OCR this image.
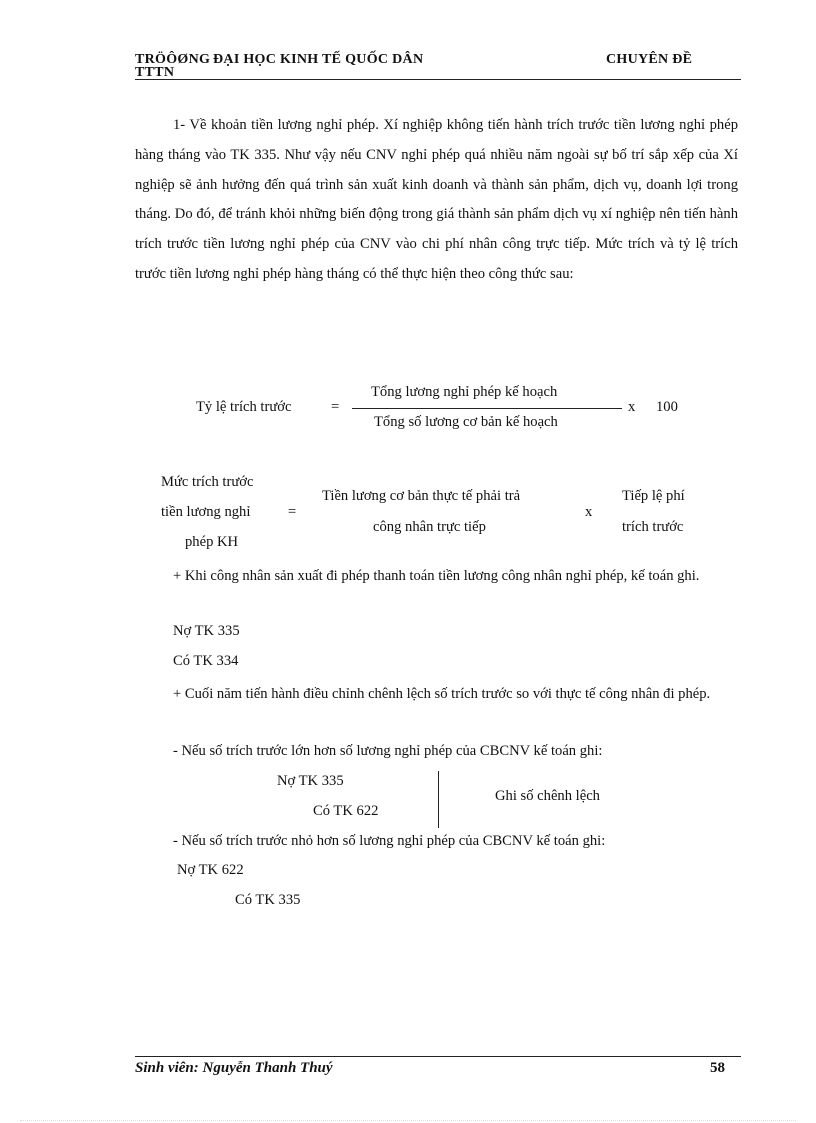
TRÖÔØNG ĐẠI HỌC KINH TẾ QUỐC DÂN	CHUYÊN ĐỀ
TTTN
1- Về khoản tiền lương nghỉ phép. Xí nghiệp không tiến hành trích trước tiền lương nghỉ phép hàng tháng vào TK 335. Như vậy nếu CNV nghỉ phép quá nhiều năm ngoài sự bố trí sắp xếp của Xí nghiệp sẽ ảnh hưởng đến quá trình sản xuất kinh doanh và thành sản phẩm, dịch vụ, doanh lợi trong tháng. Do đó, để tránh khỏi những biến động trong giá thành sản phẩm dịch vụ xí nghiệp nên tiến hành trích trước tiền lương nghỉ phép của CNV vào chi phí nhân công trực tiếp. Mức trích và tỷ lệ trích trước tiền lương nghỉ phép hàng tháng có thể thực hiện theo công thức sau:
Tỷ lệ trích trước	=
Tổng lương nghỉ phép kế hoạch
Tổng số lương cơ bản kế hoạch
x 100
Mức trích trước
tiền lương nghỉ
phép KH
=
Tiền lương cơ bản thực tế phải trả
công nhân trực tiếp
x
Tiếp lệ phí
trích trước
+ Khi công nhân sản xuất đi phép thanh toán tiền lương công nhân nghỉ phép, kế toán ghi.
Nợ TK 335
Có TK 334
+ Cuối năm tiến hành điều chỉnh chênh lệch số trích trước so với thực tế công nhân đi phép.
- Nếu số trích trước lớn hơn số lương nghỉ phép của CBCNV kế toán ghi:
Nợ TK 335
Có TK 622
Ghi số chênh lệch
- Nếu số trích trước nhỏ hơn số lương nghỉ phép của CBCNV kế toán ghi:
Nợ TK 622
Có TK 335
Sinh viên: Nguyễn Thanh Thuý	58
